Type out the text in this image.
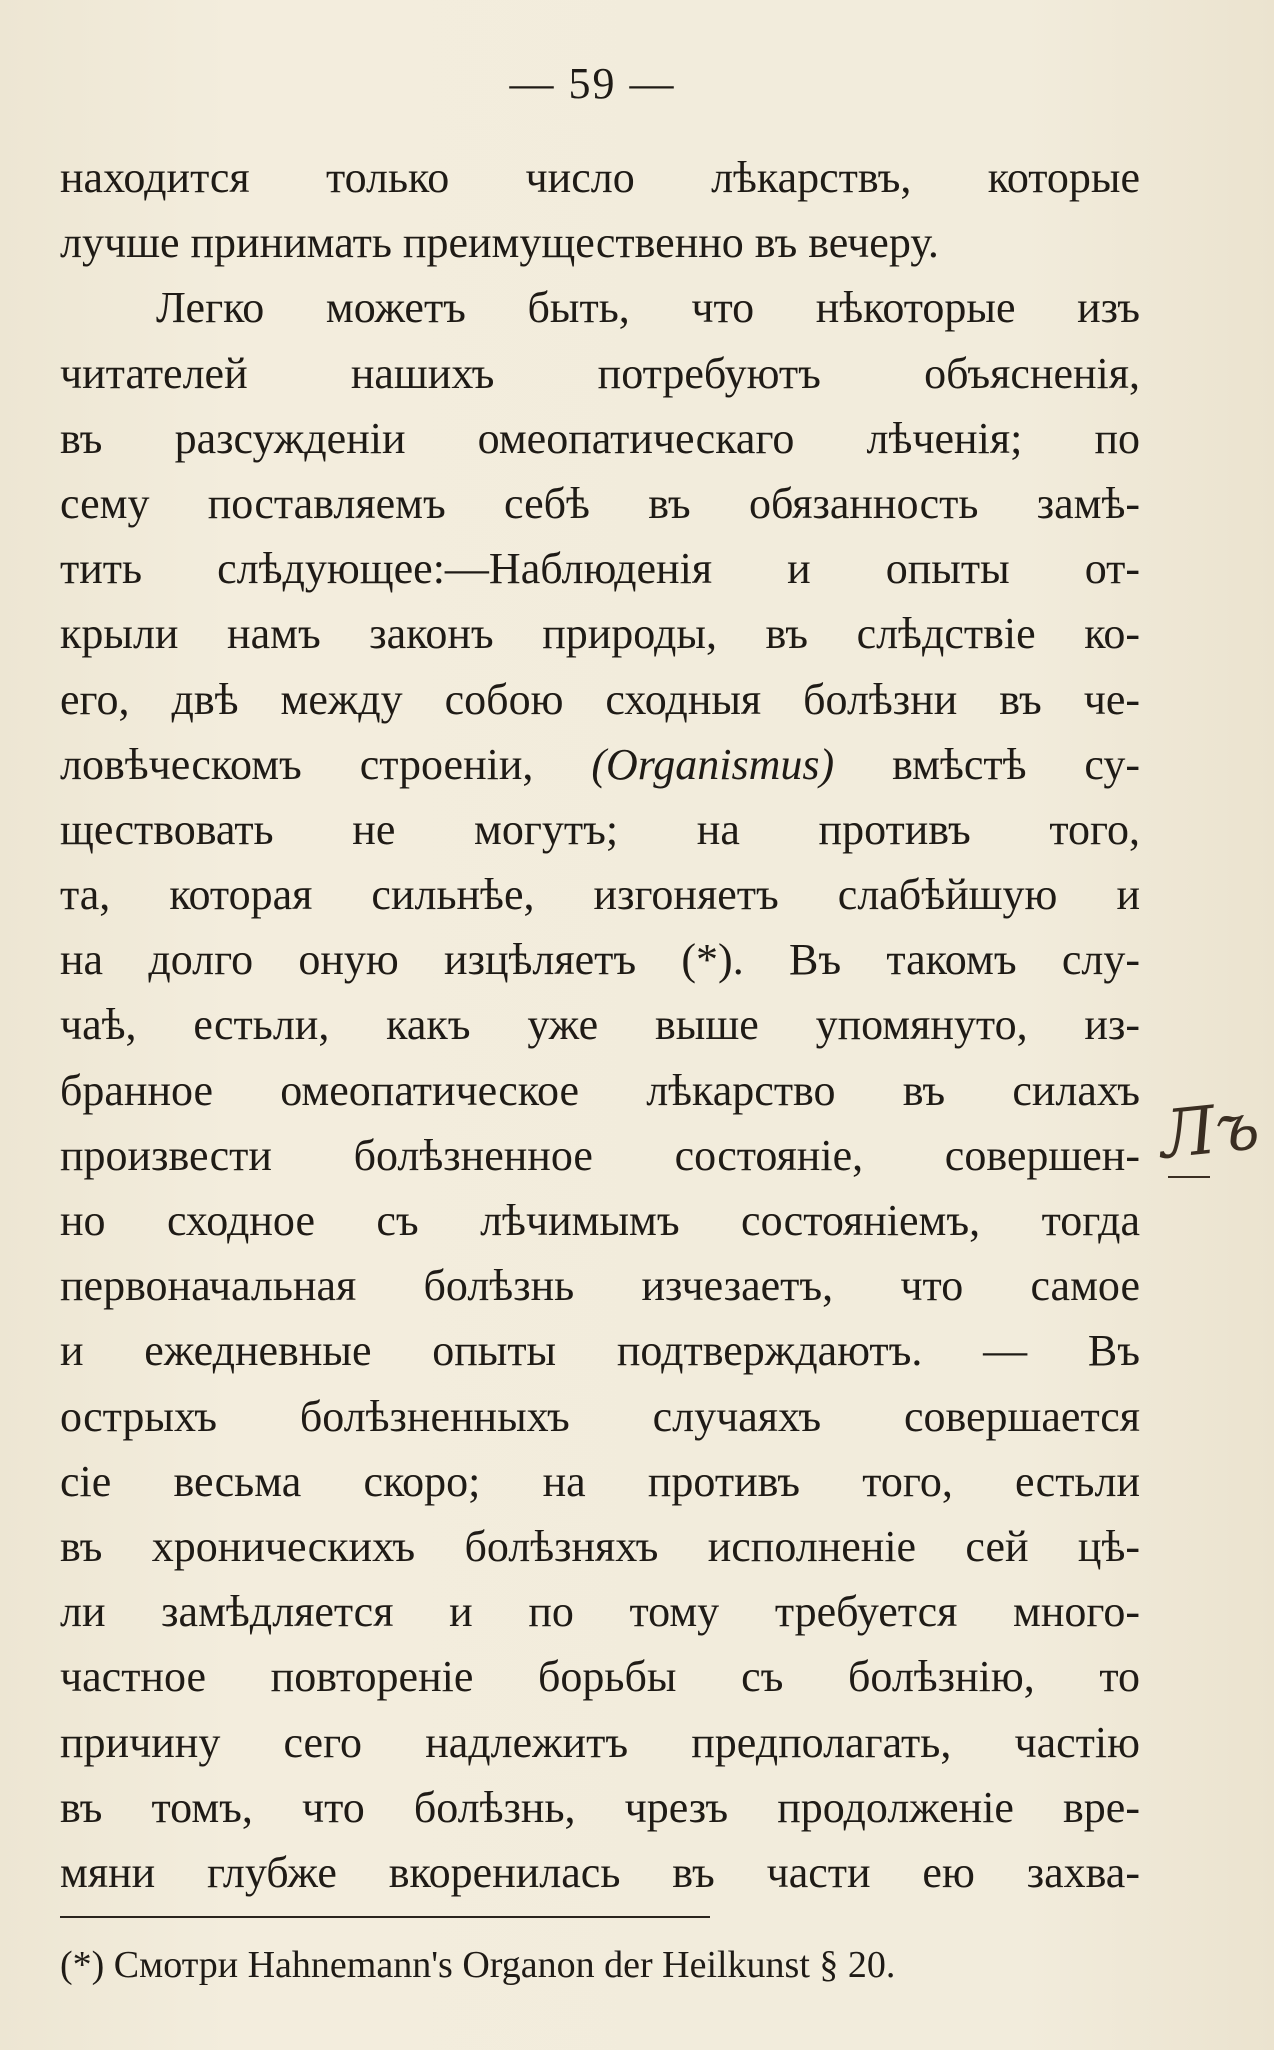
— 59 —
находится только число лѣкарствъ, которые
лучше принимать преимущественно въ вечеру.
Легко можетъ быть, что нѣкоторые изъ
читателей нашихъ потребуютъ объясненія,
въ разсужденіи омеопатическаго лѣченія; по
сему поставляемъ себѣ въ обязанность замѣ-
тить слѣдующее:—Наблюденія и опыты от-
крыли намъ законъ природы, въ слѣдствіе ко-
его, двѣ между собою сходныя болѣзни въ че-
ловѣческомъ строеніи, (Organismus) вмѣстѣ су-
ществовать не могутъ; на противъ того,
та, которая сильнѣе, изгоняетъ слабѣйшую и
на долго оную изцѣляетъ (*). Въ такомъ слу-
чаѣ, естьли, какъ уже выше упомянуто, из-
бранное омеопатическое лѣкарство въ силахъ
произвести болѣзненное состояніе, совершен-
но сходное съ лѣчимымъ состояніемъ, тогда
первоначальная болѣзнь изчезаетъ, что самое
и ежедневные опыты подтверждаютъ. — Въ
острыхъ болѣзненныхъ случаяхъ совершается
сіе весьма скоро; на противъ того, естьли
въ хроническихъ болѣзняхъ исполненіе сей цѣ-
ли замѣдляется и по тому требуется много-
частное повтореніе борьбы съ болѣзнію, то
причину сего надлежитъ предполагать, частію
въ томъ, что болѣзнь, чрезъ продолженіе вре-
мяни глубже вкоренилась въ части ею захва-
(*) Смотри Hahnemann's Organon der Heilkunst § 20.
Лъ
